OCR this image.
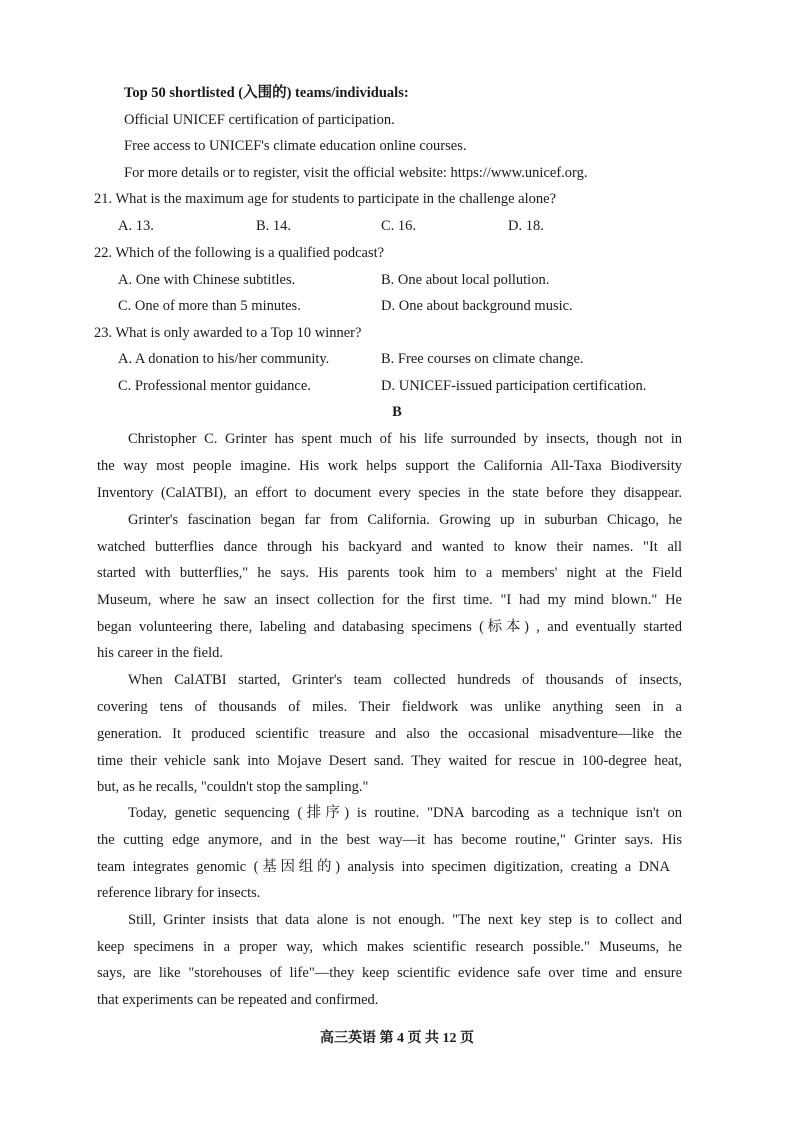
Top 50 shortlisted (入围的) teams/individuals:
Official UNICEF certification of participation.
Free access to UNICEF's climate education online courses.
For more details or to register, visit the official website: https://www.unicef.org.
21. What is the maximum age for students to participate in the challenge alone?
A. 13.	B. 14.	C. 16.	D. 18.
22. Which of the following is a qualified podcast?
A. One with Chinese subtitles.	B. One about local pollution.
C. One of more than 5 minutes.	D. One about background music.
23. What is only awarded to a Top 10 winner?
A. A donation to his/her community.	B. Free courses on climate change.
C. Professional mentor guidance.	D. UNICEF-issued participation certification.
B
Christopher C. Grinter has spent much of his life surrounded by insects, though not in
the way most people imagine. His work helps support the California All-Taxa Biodiversity
Inventory (CalATBI), an effort to document every species in the state before they disappear.
Grinter's fascination began far from California. Growing up in suburban Chicago, he
watched butterflies dance through his backyard and wanted to know their names. "It all
started with butterflies," he says. His parents took him to a members' night at the Field
Museum, where he saw an insect collection for the first time. "I had my mind blown." He
began volunteering there, labeling and databasing specimens (标本) , and eventually started
his career in the field.
When CalATBI started, Grinter's team collected hundreds of thousands of insects,
covering tens of thousands of miles. Their fieldwork was unlike anything seen in a
generation. It produced scientific treasure and also the occasional misadventure—like the
time their vehicle sank into Mojave Desert sand. They waited for rescue in 100-degree heat,
but, as he recalls, "couldn't stop the sampling."
Today, genetic sequencing (排序) is routine. "DNA barcoding as a technique isn't on
the cutting edge anymore, and in the best way—it has become routine," Grinter says. His
team integrates genomic (基因组的) analysis into specimen digitization, creating a DNA
reference library for insects.
Still, Grinter insists that data alone is not enough. "The next key step is to collect and
keep specimens in a proper way, which makes scientific research possible." Museums, he
says, are like "storehouses of life"—they keep scientific evidence safe over time and ensure
that experiments can be repeated and confirmed.
高三英语 第 4 页 共 12 页
